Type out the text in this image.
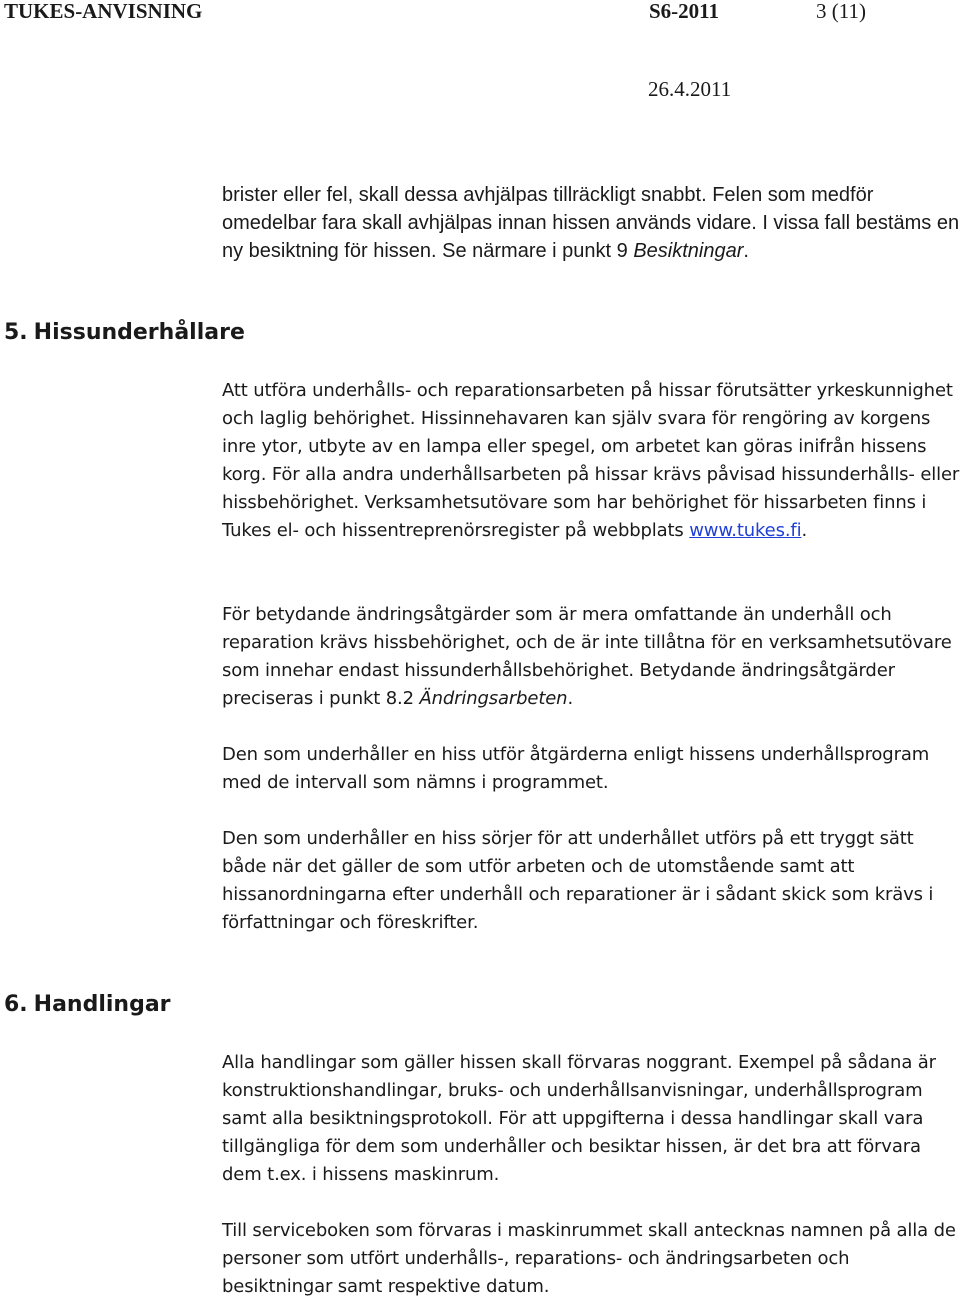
TUKES-ANVISNING	S6-2011	3 (11)
26.4.2011
brister eller fel, skall dessa avhjälpas tillräckligt snabbt. Felen som medför omedelbar fara skall avhjälpas innan hissen används vidare. I vissa fall bestäms en ny besiktning för hissen. Se närmare i punkt 9 Besiktningar.
5. Hissunderhållare

Att utföra underhålls- och reparationsarbeten på hissar förutsätter yrkeskunnighet och laglig behörighet. Hissinnehavaren kan själv svara för rengöring av korgens inre ytor, utbyte av en lampa eller spegel, om arbetet kan göras inifrån hissens korg. För alla andra underhållsarbeten på hissar krävs påvisad hissunderhålls- eller hissbehörighet. Verksamhetsutövare som har behörighet för hissarbeten finns i Tukes el- och hissentreprenörsregister på webbplats www.tukes.fi.

För betydande ändringsåtgärder som är mera omfattande än underhåll och reparation krävs hissbehörighet, och de är inte tillåtna för en verksamhetsutövare som innehar endast hissunderhållsbehörighet. Betydande ändringsåtgärder preciseras i punkt 8.2 Ändringsarbeten.

Den som underhåller en hiss utför åtgärderna enligt hissens underhållsprogram med de intervall som nämns i programmet.

Den som underhåller en hiss sörjer för att underhållet utförs på ett tryggt sätt både när det gäller de som utför arbeten och de utomstående samt att hissanordningarna efter underhåll och reparationer är i sådant skick som krävs i författningar och föreskrifter.

6. Handlingar

Alla handlingar som gäller hissen skall förvaras noggrant. Exempel på sådana är konstruktionshandlingar, bruks- och underhållsanvisningar, underhållsprogram samt alla besiktningsprotokoll. För att uppgifterna i dessa handlingar skall vara tillgängliga för dem som underhåller och besiktar hissen, är det bra att förvara dem t.ex. i hissens maskinrum.

Till serviceboken som förvaras i maskinrummet skall antecknas namnen på alla de personer som utfört underhålls-, reparations- och ändringsarbeten och besiktningar samt respektive datum.
